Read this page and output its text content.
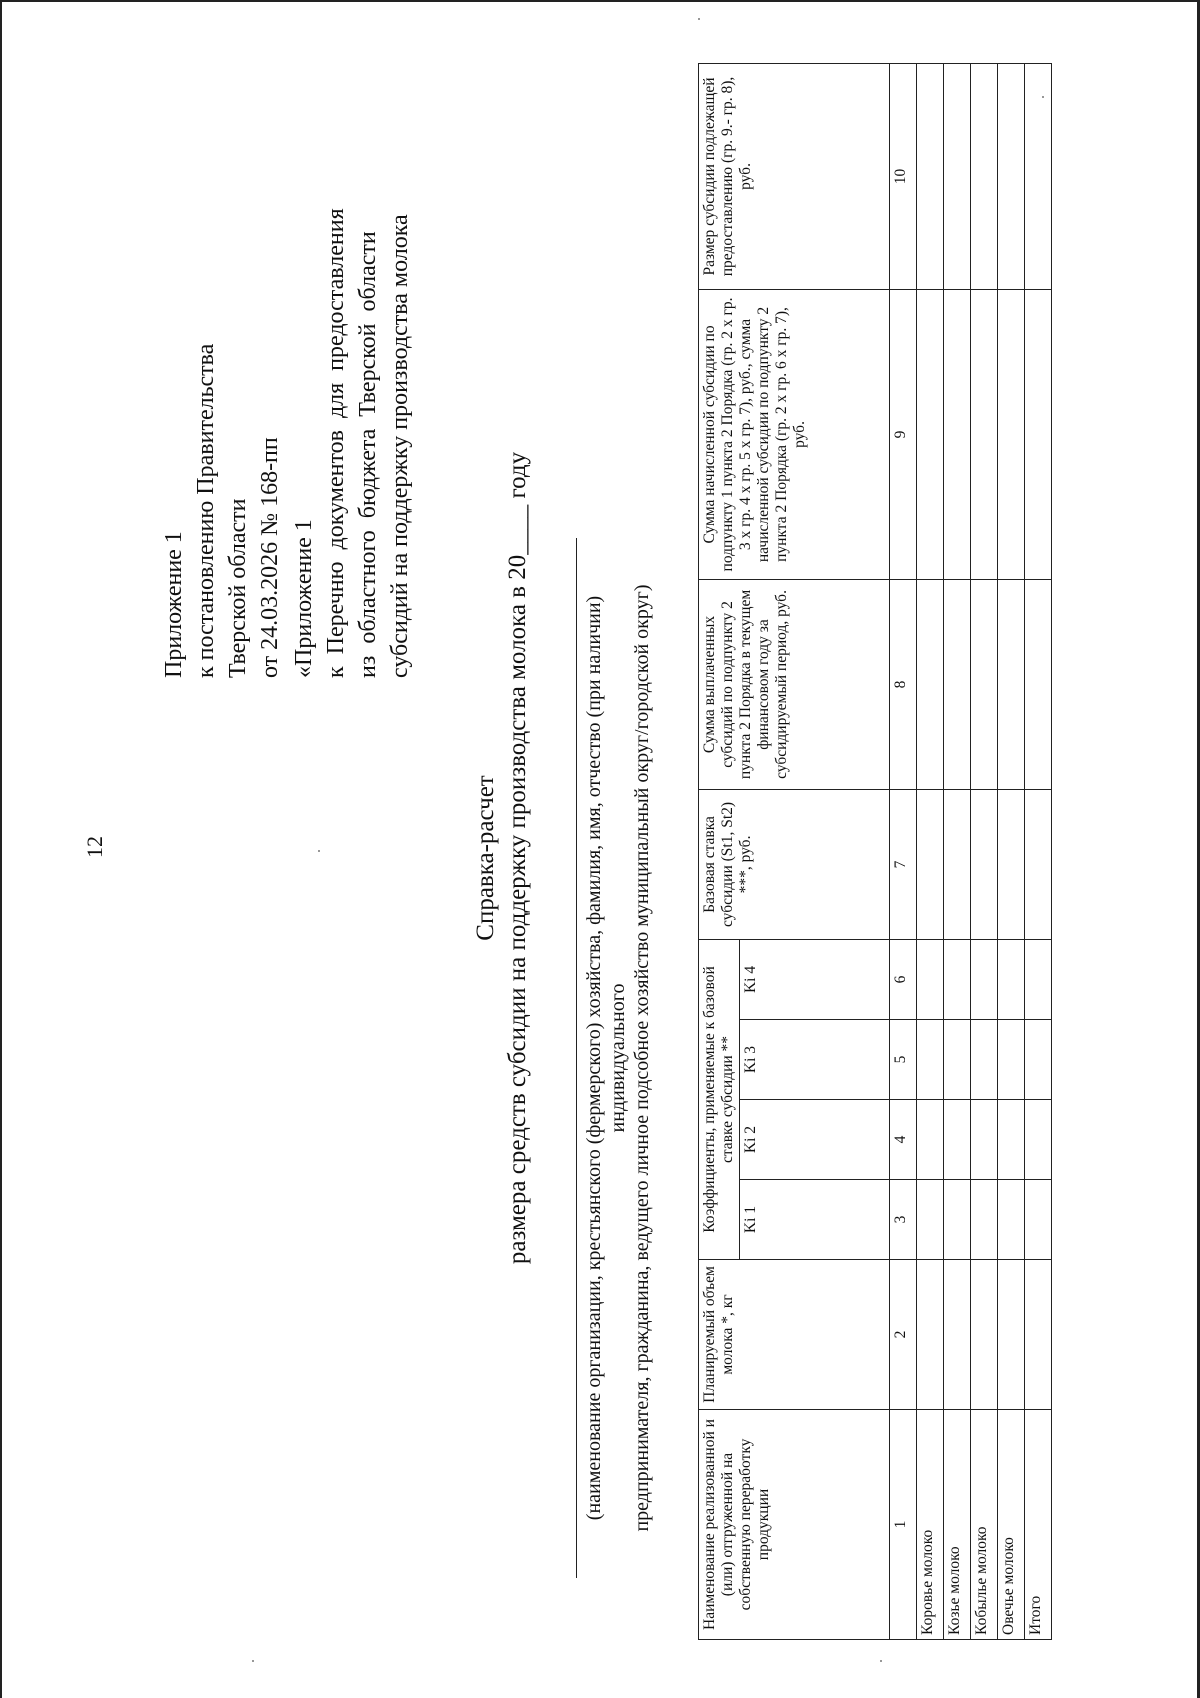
12
Приложение 1 к постановлению Правительства Тверской области от 24.03.2026 № 168-пп «Приложение 1 к  Перечню  документов  для  предоставления из  областного  бюджета  Тверской  области субсидий на поддержку производства молока
Справка-расчет размера средств субсидии на поддержку производства молока в 20____ году	(наименование организации, крестьянского (фермерского) хозяйства, фамилия, имя, отчество (при наличии) индивидуального предпринимателя, гражданина, ведущего личное подсобное хозяйство муниципальный округ/городской округ)	Наименование реализованной и (или) отгруженной на собственную переработку продукции	Планируемый объем молока *, кг	Коэффициенты, применяемые к базовой ставке субсидии **				Базовая ставка субсидии (St1, St2) ***, руб.	Сумма выплаченных субсидий по подпункту 2 пункта 2 Порядка в текущем финансовом году за субсидируемый период, руб.	Сумма начисленной субсидии по подпункту 1 пункта 2 Порядка (гр. 2 х гр. 3 х гр. 4 х гр. 5 х гр. 7), руб., сумма начисленной субсидии по подпункту 2 пункта 2 Порядка (гр. 2 х гр. 6 х гр. 7), руб.	Размер субсидии подлежащей предоставлению (гр. 9.- гр. 8), руб.
		Ki 1	Ki 2	Ki 3	Ki 4				
1	2	3	4	5	6	7	8	9	10
Коровье молоко									
Козье молоко									
Кобылье молоко									
Овечье молоко									
Итого									
